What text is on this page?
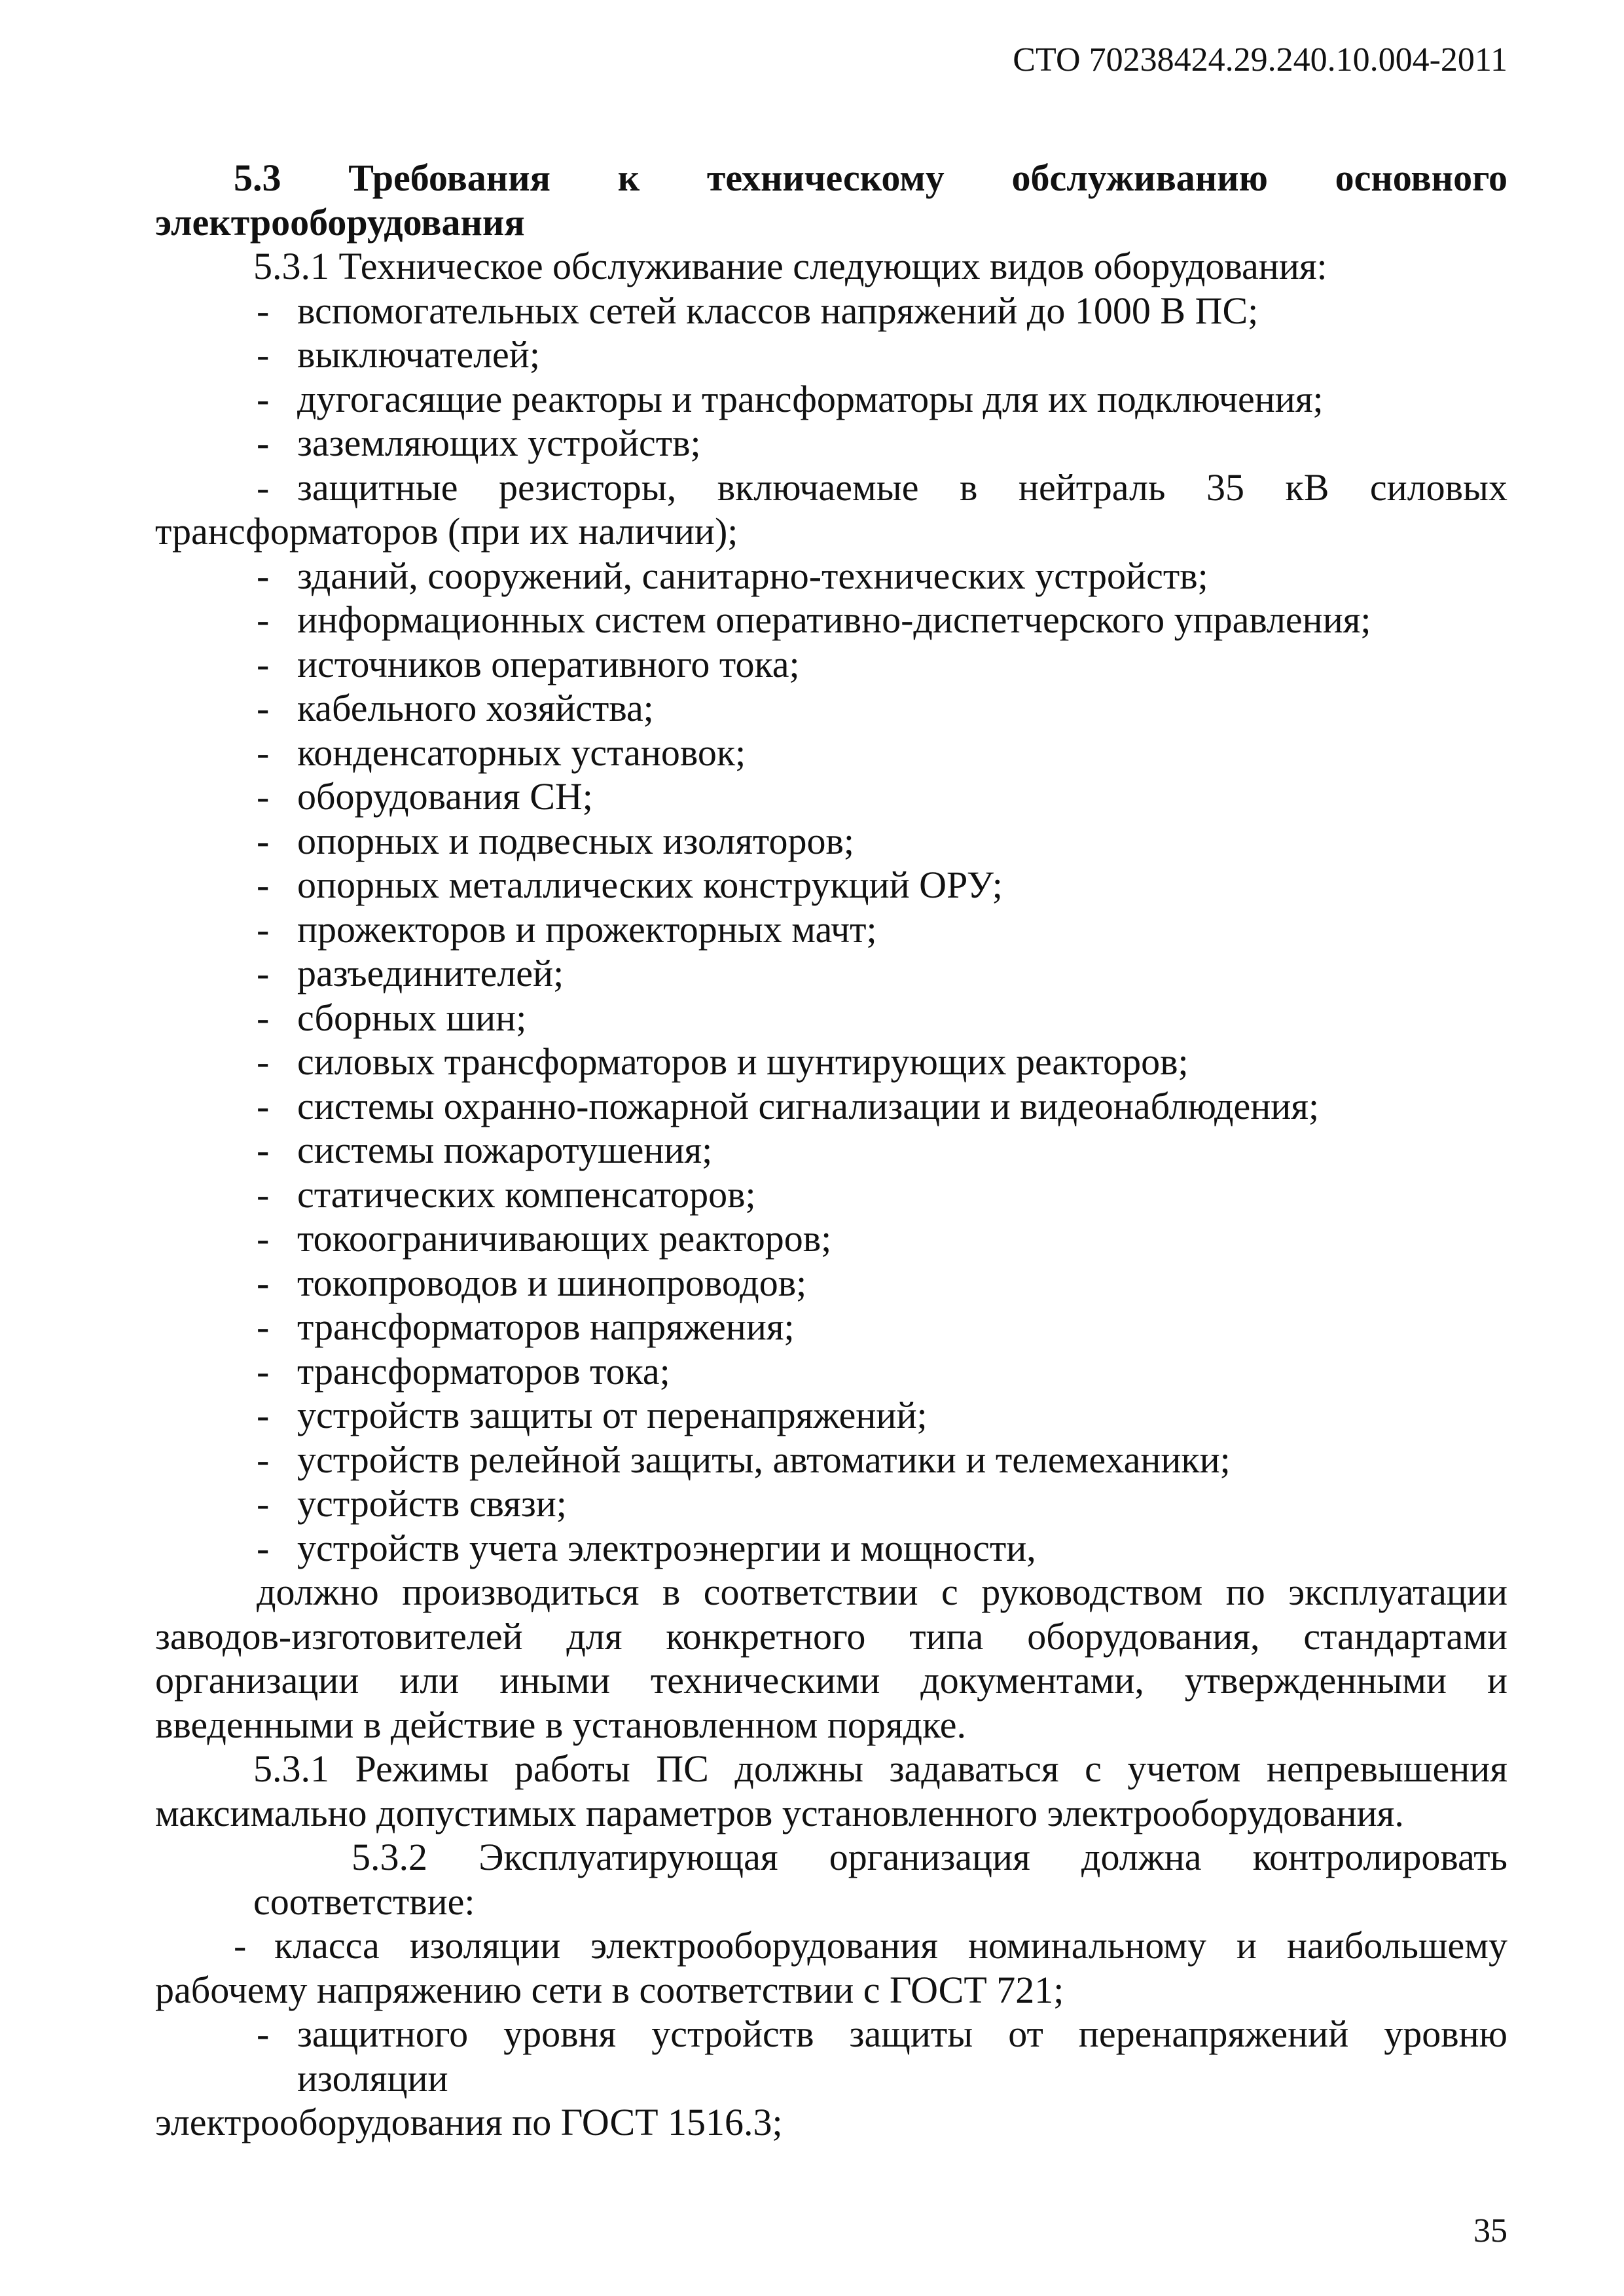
СТО 70238424.29.240.10.004-2011
5.3 Требования к техническому обслуживанию основного
электрооборудования
5.3.1 Техническое обслуживание следующих видов оборудования:
- вспомогательных сетей классов напряжений до 1000 В ПС;
- выключателей;
- дугогасящие реакторы и трансформаторы для их подключения;
- заземляющих устройств;
- защитные резисторы, включаемые в нейтраль 35 кВ силовых
трансформаторов (при их наличии);
- зданий, сооружений, санитарно-технических устройств;
- информационных систем оперативно-диспетчерского управления;
- источников оперативного тока;
- кабельного хозяйства;
- конденсаторных установок;
- оборудования СН;
- опорных и подвесных изоляторов;
- опорных металлических конструкций ОРУ;
- прожекторов и прожекторных мачт;
- разъединителей;
- сборных шин;
- силовых трансформаторов и шунтирующих реакторов;
- системы охранно-пожарной сигнализации и видеонаблюдения;
- системы пожаротушения;
- статических компенсаторов;
- токоограничивающих реакторов;
- токопроводов и шинопроводов;
- трансформаторов напряжения;
- трансформаторов тока;
- устройств защиты от перенапряжений;
- устройств релейной защиты, автоматики и телемеханики;
- устройств связи;
- устройств учета электроэнергии и мощности,
должно производиться в соответствии с руководством по эксплуатации
заводов-изготовителей для конкретного типа оборудования, стандартами
организации или иными техническими документами, утвержденными и
введенными в действие в установленном порядке.
5.3.1 Режимы работы ПС должны задаваться с учетом непревышения
максимально допустимых параметров установленного электрооборудования.
5.3.2 Эксплуатирующая организация должна контролировать
соответствие:
- класса изоляции электрооборудования номинальному и наибольшему
рабочему напряжению сети в соответствии с ГОСТ 721;
- защитного уровня устройств защиты от перенапряжений уровню изоляции
электрооборудования по ГОСТ 1516.3;
35
